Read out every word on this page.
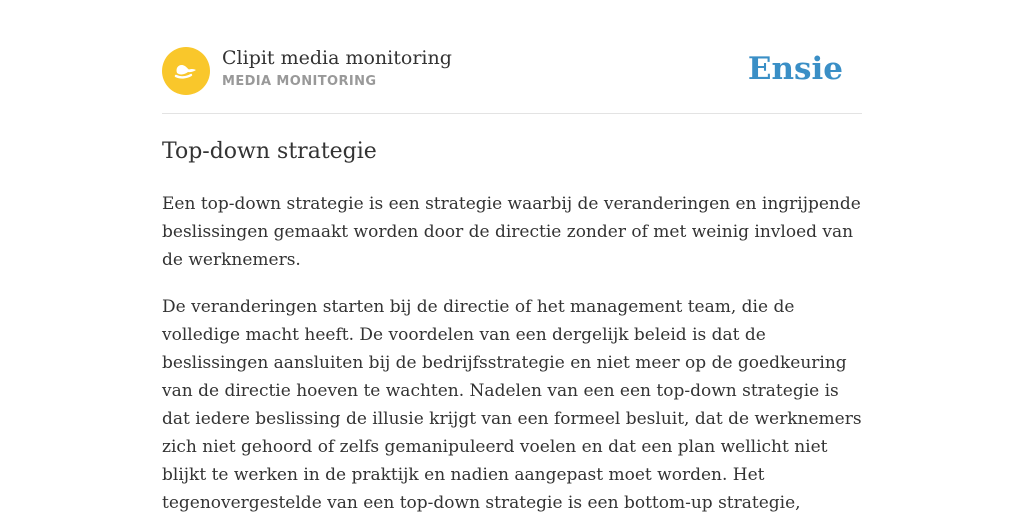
Clipit media monitoring
MEDIA MONITORING	Ensie
Top-down strategie

Een top-down strategie is een strategie waarbij de veranderingen en ingrijpende
beslissingen gemaakt worden door de directie zonder of met weinig invloed van
de werknemers.

De veranderingen starten bij de directie of het management team, die de
volledige macht heeft. De voordelen van een dergelijk beleid is dat de
beslissingen aansluiten bij de bedrijfsstrategie en niet meer op de goedkeuring
van de directie hoeven te wachten. Nadelen van een een top-down strategie is
dat iedere beslissing de illusie krijgt van een formeel besluit, dat de werknemers
zich niet gehoord of zelfs gemanipuleerd voelen en dat een plan wellicht niet
blijkt te werken in de praktijk en nadien aangepast moet worden. Het
tegenovergestelde van een top-down strategie is een bottom-up strategie,
